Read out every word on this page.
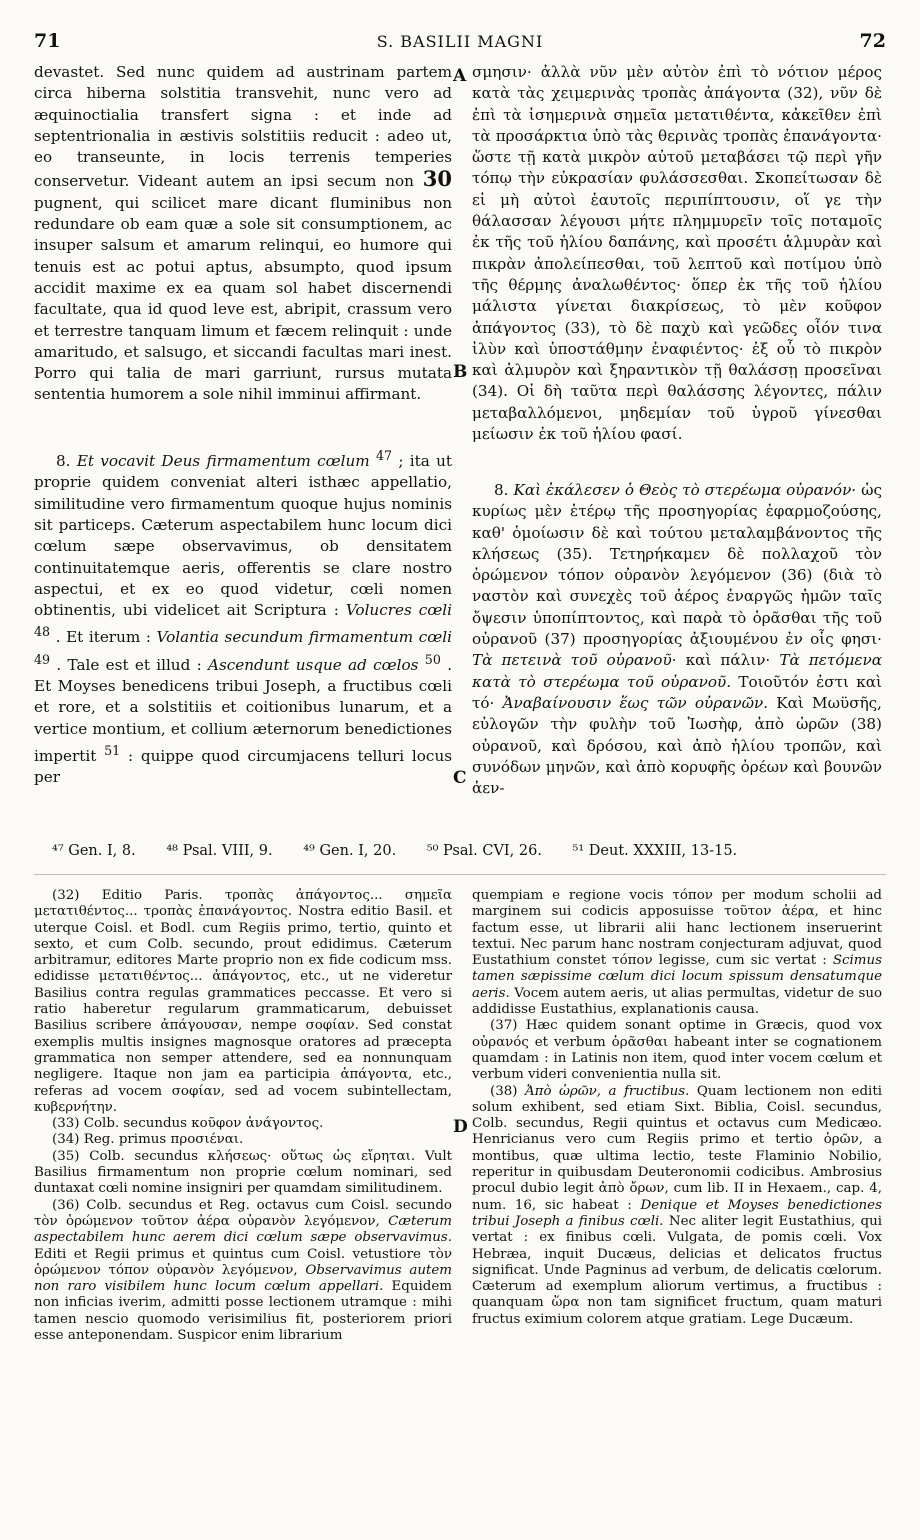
71	S. BASILII MAGNI	72

devastet. Sed nunc quidem ad austrinam partem circa hiberna solstitia transvehit, nunc vero ad æquinoctialia transfert signa : et inde ad septentrionalia in æstivis solstitiis reducit : adeo ut, eo transeunte, in locis terrenis temperies conservetur. Videant autem an ipsi secum non 30 pugnent, qui scilicet mare dicant fluminibus non redundare ob eam quæ a sole sit consumptionem, ac insuper salsum et amarum relinqui, eo humore qui tenuis est ac potui aptus, absumpto, quod ipsum accidit maxime ex ea quam sol habet discernendi facultate, qua id quod leve est, abripit, crassum vero et terrestre tanquam limum et fæcem relinquit : unde amaritudo, et salsugo, et siccandi facultas mari inest. Porro qui talia de mari garriunt, rursus mutata sententia humorem a sole nihil imminui affirmant.

8. Et vocavit Deus firmamentum cœlum $^{47}$ ; ita ut proprie quidem conveniat alteri isthæc appellatio, similitudine vero firmamentum quoque hujus nominis sit particeps. Cæterum aspectabilem hunc locum dici cœlum sæpe observavimus, ob densitatem continuitatemque aeris, offerentis se clare nostro aspectui, et ex eo quod videtur, cœli nomen obtinentis, ubi videlicet ait Scriptura : Volucres cœli $^{48}$ . Et iterum : Volantia secundum firmamentum cœli $^{49}$ . Tale est et illud : Ascendunt usque ad cœlos $^{50}$ . Et Moyses benedicens tribui Joseph, a fructibus cœli et rore, et a solstitiis et coitionibus lunarum, et a vertice montium, et collium æternorum benedictiones impertit $^{51}$ : quippe quod circumjacens telluri locus per

A
B
C
D

σμησιν· ἀλλὰ νῦν μὲν αὐτὸν ἐπὶ τὸ νότιον μέρος κατὰ τὰς χειμερινὰς τροπὰς ἀπάγοντα (32), νῦν δὲ ἐπὶ τὰ ἰσημερινὰ σημεῖα μετατιθέντα, κἀκεῖθεν ἐπὶ τὰ προσάρκτια ὑπὸ τὰς θερινὰς τροπὰς ἐπανάγοντα· ὥστε τῇ κατὰ μικρὸν αὐτοῦ μεταβάσει τῷ περὶ γῆν τόπῳ τὴν εὐκρασίαν φυλάσσεσθαι. Σκοπείτωσαν δὲ εἰ μὴ αὐτοὶ ἑαυτοῖς περιπίπτουσιν, οἵ γε τὴν θάλασσαν λέγουσι μήτε πλημμυρεῖν τοῖς ποταμοῖς ἐκ τῆς τοῦ ἡλίου δαπάνης, καὶ προσέτι ἁλμυρὰν καὶ πικρὰν ἀπολείπεσθαι, τοῦ λεπτοῦ καὶ ποτίμου ὑπὸ τῆς θέρμης ἀναλωθέντος· ὅπερ ἐκ τῆς τοῦ ἡλίου μάλιστα γίνεται διακρίσεως, τὸ μὲν κοῦφον ἀπάγοντος (33), τὸ δὲ παχὺ καὶ γεῶδες οἷόν τινα ἰλὺν καὶ ὑποστάθμην ἐναφιέντος· ἐξ οὗ τὸ πικρὸν καὶ ἁλμυρὸν καὶ ξηραντικὸν τῇ θαλάσσῃ προσεῖναι (34). Οἱ δὴ ταῦτα περὶ θαλάσσης λέγοντες, πάλιν μεταβαλλόμενοι, μηδεμίαν τοῦ ὑγροῦ γίνεσθαι μείωσιν ἐκ τοῦ ἡλίου φασί.

8. Καὶ ἐκάλεσεν ὁ Θεὸς τὸ στερέωμα οὐρανόν· ὡς κυρίως μὲν ἑτέρῳ τῆς προσηγορίας ἐφαρμοζούσης, καθ' ὁμοίωσιν δὲ καὶ τούτου μεταλαμβάνοντος τῆς κλήσεως (35). Τετηρήκαμεν δὲ πολλαχοῦ τὸν ὁρώμενον τόπον οὐρανὸν λεγόμενον (36) (διὰ τὸ ναστὸν καὶ συνεχὲς τοῦ ἀέρος ἐναργῶς ἡμῶν ταῖς ὄψεσιν ὑποπίπτοντος, καὶ παρὰ τὸ ὁρᾶσθαι τῆς τοῦ οὐρανοῦ (37) προσηγορίας ἀξιουμένου ἐν οἷς φησι· Τὰ πετεινὰ τοῦ οὐρανοῦ· καὶ πάλιν· Τὰ πετόμενα κατὰ τὸ στερέωμα τοῦ οὐρανοῦ. Τοιοῦτόν ἐστι καὶ τό· Ἀναβαίνουσιν ἕως τῶν οὐρανῶν. Καὶ Μωϋσῆς, εὐλογῶν τὴν φυλὴν τοῦ Ἰωσὴφ, ἀπὸ ὡρῶν (38) οὐρανοῦ, καὶ δρόσου, καὶ ἀπὸ ἡλίου τροπῶν, καὶ συνόδων μηνῶν, καὶ ἀπὸ κορυφῆς ὀρέων καὶ βουνῶν ἀεν-

⁴⁷ Gen. I, 8. ⁴⁸ Psal. VIII, 9. ⁴⁹ Gen. I, 20. ⁵⁰ Psal. CVI, 26. ⁵¹ Deut. XXXIII, 13-15.

(32) Editio Paris. τροπὰς ἀπάγοντος... σημεῖα μετατιθέντος... τροπὰς ἐπανάγοντος. Nostra editio Basil. et uterque Coisl. et Bodl. cum Regiis primo, tertio, quinto et sexto, et cum Colb. secundo, prout edidimus. Cæterum arbitramur, editores Marte proprio non ex fide codicum mss. edidisse μετατιθέντος... ἀπάγοντος, etc., ut ne videretur Basilius contra regulas grammatices peccasse. Et vero si ratio haberetur regularum grammaticarum, debuisset Basilius scribere ἀπάγουσαν, nempe σοφίαν. Sed constat exemplis multis insignes magnosque oratores ad præcepta grammatica non semper attendere, sed ea nonnunquam negligere. Itaque non jam ea participia ἀπάγοντα, etc., referas ad vocem σοφίαν, sed ad vocem subintellectam, κυβερνήτην.

(33) Colb. secundus κοῦφον ἀνάγοντος.

(34) Reg. primus προσιέναι.

(35) Colb. secundus κλήσεως· οὕτως ὡς εἴρηται. Vult Basilius firmamentum non proprie cœlum nominari, sed duntaxat cœli nomine insigniri per quamdam similitudinem.

(36) Colb. secundus et Reg. octavus cum Coisl. secundo τὸν ὁρώμενον τοῦτον ἀέρα οὐρανὸν λεγόμενον, Cæterum aspectabilem hunc aerem dici cœlum sæpe observavimus. Editi et Regii primus et quintus cum Coisl. vetustiore τὸν ὁρώμενον τόπον οὐρανὸν λεγόμενον, Observavimus autem non raro visibilem hunc locum cœlum appellari. Equidem non inficias iverim, admitti posse lectionem utramque : mihi tamen nescio quomodo verisimilius fit, posteriorem priori esse anteponendam. Suspicor enim librarium

quempiam e regione vocis τόπον per modum scholii ad marginem sui codicis apposuisse τοῦτον ἀέρα, et hinc factum esse, ut librarii alii hanc lectionem inseruerint textui. Nec parum hanc nostram conjecturam adjuvat, quod Eustathium constet τόπον legisse, cum sic vertat : Scimus tamen sæpissime cœlum dici locum spissum densatumque aeris. Vocem autem aeris, ut alias permultas, videtur de suo addidisse Eustathius, explanationis causa.

(37) Hæc quidem sonant optime in Græcis, quod vox οὐρανός et verbum ὁρᾶσθαι habeant inter se cognationem quamdam : in Latinis non item, quod inter vocem cœlum et verbum videri convenientia nulla sit.

(38) Ἀπὸ ὡρῶν, a fructibus. Quam lectionem non editi solum exhibent, sed etiam Sixt. Biblia, Coisl. secundus, Colb. secundus, Regii quintus et octavus cum Medicæo. Henricianus vero cum Regiis primo et tertio ὀρῶν, a montibus, quæ ultima lectio, teste Flaminio Nobilio, reperitur in quibusdam Deuteronomii codicibus. Ambrosius procul dubio legit ἀπὸ ὄρων, cum lib. II in Hexaem., cap. 4, num. 16, sic habeat : Denique et Moyses benedictiones tribui Joseph a finibus cœli. Nec aliter legit Eustathius, qui vertat : ex finibus cœli. Vulgata, de pomis cœli. Vox Hebræa, inquit Ducæus, delicias et delicatos fructus significat. Unde Pagninus ad verbum, de delicatis cœlorum. Cæterum ad exemplum aliorum vertimus, a fructibus : quanquam ὥρα non tam significet fructum, quam maturi fructus eximium colorem atque gratiam. Lege Ducæum.
